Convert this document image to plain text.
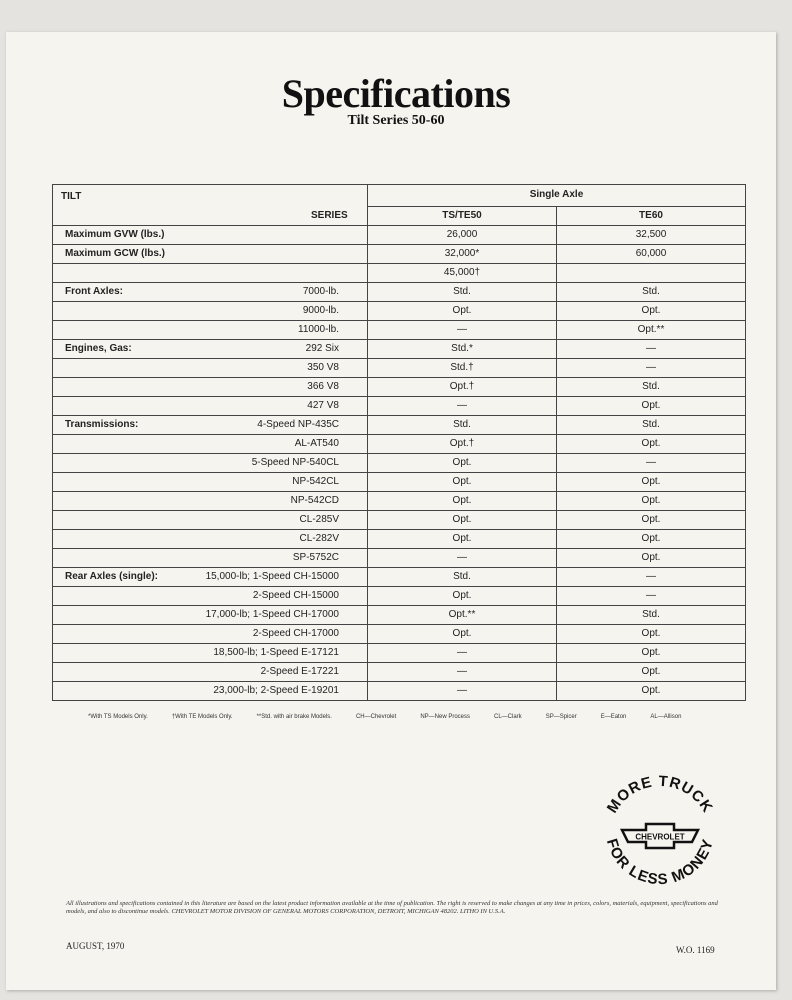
Specifications
Tilt Series 50-60
TILT
SERIES	Single Axle	
	TS/TE50	TE60

Maximum GVW (lbs.)	26,000	32,500

Maximum GCW (lbs.)	32,000*	60,000

	45,000†	

Front Axles: 7000-lb.	Std.	Std.

9000-lb.	Opt.	Opt.

11000-lb.	—	Opt.**

Engines, Gas: 292 Six	Std.*	—

350 V8	Std.†	—

366 V8	Opt.†	Std.

427 V8	—	Opt.

Transmissions: 4-Speed NP-435C	Std.	Std.

AL-AT540	Opt.†	Opt.

5-Speed NP-540CL	Opt.	—

NP-542CL	Opt.	Opt.

NP-542CD	Opt.	Opt.

CL-285V	Opt.	Opt.

CL-282V	Opt.	Opt.

SP-5752C	—	Opt.

Rear Axles (single): 15,000-lb; 1-Speed CH-15000	Std.	—

2-Speed CH-15000	Opt.	—

17,000-lb; 1-Speed CH-17000	Opt.**	Std.

2-Speed CH-17000	Opt.	Opt.

18,500-lb; 1-Speed E-17121	—	Opt.

2-Speed E-17221	—	Opt.

23,000-lb; 2-Speed E-19201	—	Opt.
*With TS Models Only.	†With TE Models Only.	**Std. with air brake Models.	CH—Chevrolet	NP—New Process	CL—Clark	SP—Spicer	E—Eaton	AL—Allison
MORE TRUCK
FOR LESS MONEY
CHEVROLET
All illustrations and specifications contained in this literature are based on the latest product information available at the time of publication. The right is reserved to make changes at any time in prices, colors, materials, equipment, specifications and models, and also to discontinue models. CHEVROLET MOTOR DIVISION OF GENERAL MOTORS CORPORATION, DETROIT, MICHIGAN 48202. LITHO IN U.S.A.
AUGUST, 1970	W.O. 1169
